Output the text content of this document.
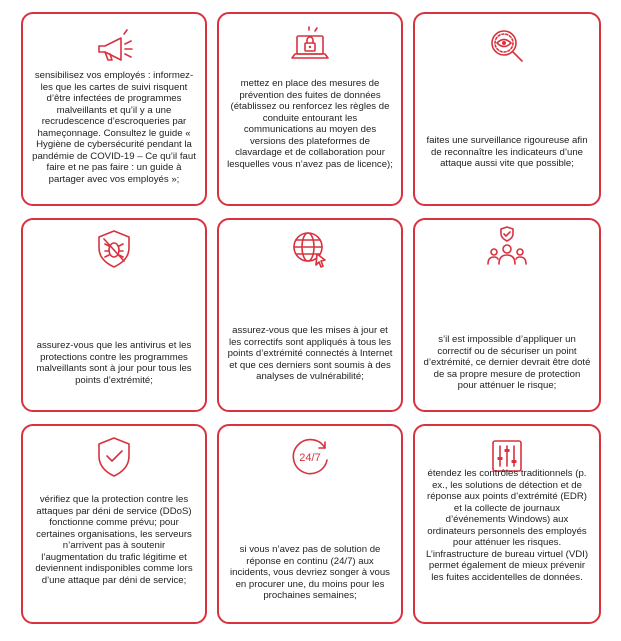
sensibilisez vos employés : informez-les que les cartes de suivi risquent d’être infectées de programmes malveillants et qu’il y a une recrudescence d’escroqueries par hameçonnage. Consultez le guide « Hygiène de cybersécurité pendant la pandémie de COVID-19 – Ce qu’il faut faire et ne pas faire : un guide à partager avec vos employés »;
mettez en place des mesures de prévention des fuites de données (établissez ou renforcez les règles de conduite entourant les communications au moyen des versions des plateformes de clavardage et de collaboration pour lesquelles vous n’avez pas de licence);
faites une surveillance rigoureuse afin de reconnaître les indicateurs d’une attaque aussi vite que possible;
assurez-vous que les antivirus et les protections contre les programmes malveillants sont à jour pour tous les points d’extrémité;
assurez-vous que les mises à jour et les correctifs sont appliqués à tous les points d’extrémité connectés à Internet et que ces derniers sont soumis à des analyses de vulnérabilité;
s’il est impossible d’appliquer un correctif ou de sécuriser un point d’extrémité, ce dernier devrait être doté de sa propre mesure de protection pour atténuer le risque;
vérifiez que la protection contre les attaques par déni de service (DDoS) fonctionne comme prévu; pour certaines organisations, les serveurs n’arrivent pas à soutenir l’augmentation du trafic légitime et deviennent indisponibles comme lors d’une attaque par déni de service;
24/7
si vous n’avez pas de solution de réponse en continu (24/7) aux incidents, vous devriez songer à vous en procurer une, du moins pour les prochaines semaines;
étendez les contrôles traditionnels (p. ex., les solutions de détection et de réponse aux points d’extrémité (EDR) et la collecte de journaux d’événements Windows) aux ordinateurs personnels des employés pour atténuer les risques. L’infrastructure de bureau virtuel (VDI) permet également de mieux prévenir les fuites accidentelles de données.
